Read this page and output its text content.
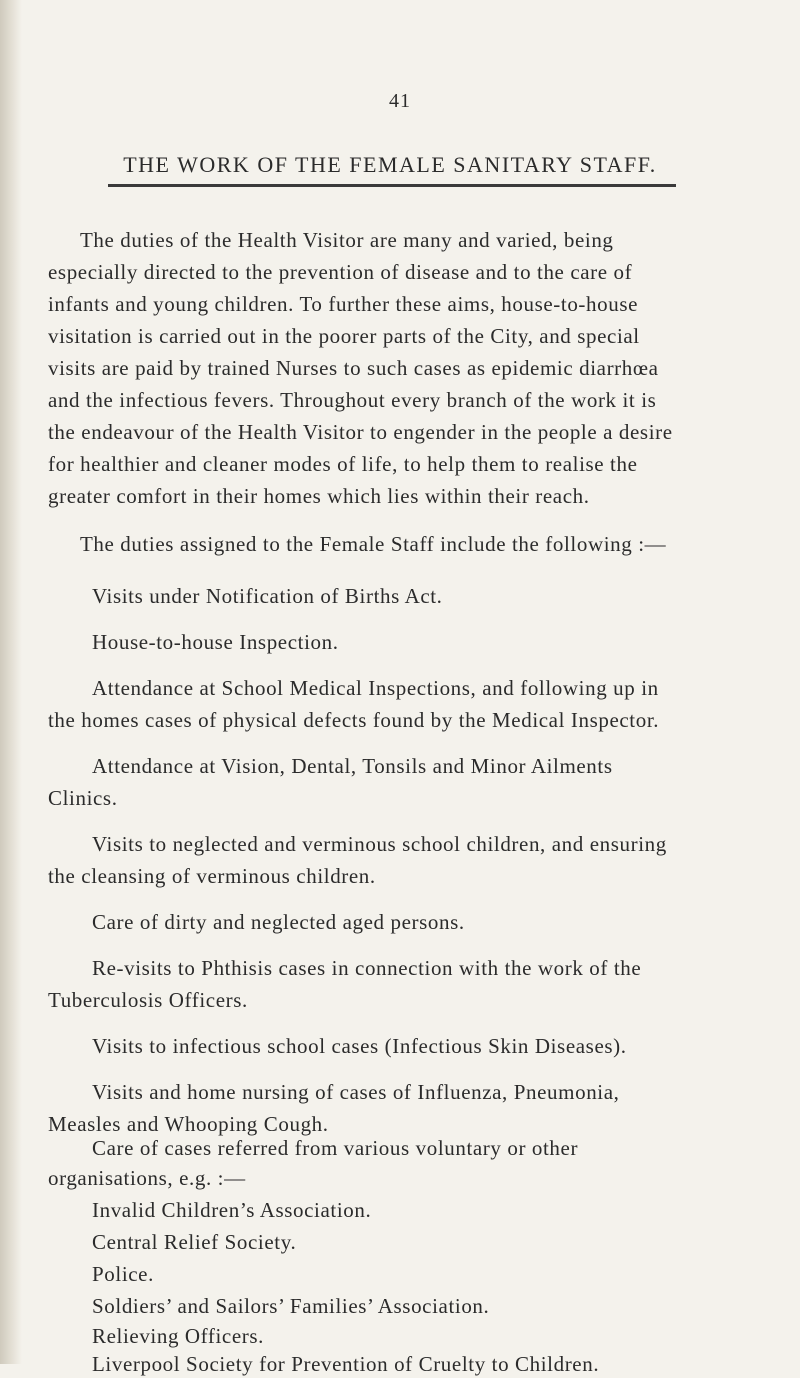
41
THE WORK OF THE FEMALE SANITARY STAFF.
The duties of the Health Visitor are many and varied, being
especially directed to the prevention of disease and to the care of
infants and young children. To further these aims, house-to-house
visitation is carried out in the poorer parts of the City, and special
visits are paid by trained Nurses to such cases as epidemic diarrhœa
and the infectious fevers. Throughout every branch of the work it is
the endeavour of the Health Visitor to engender in the people a desire
for healthier and cleaner modes of life, to help them to realise the
greater comfort in their homes which lies within their reach.
The duties assigned to the Female Staff include the following :—
Visits under Notification of Births Act.
House-to-house Inspection.
Attendance at School Medical Inspections, and following up in
the homes cases of physical defects found by the Medical Inspector.
Attendance at Vision, Dental, Tonsils and Minor Ailments
Clinics.
Visits to neglected and verminous school children, and ensuring
the cleansing of verminous children.
Care of dirty and neglected aged persons.
Re-visits to Phthisis cases in connection with the work of the
Tuberculosis Officers.
Visits to infectious school cases (Infectious Skin Diseases).
Visits and home nursing of cases of Influenza, Pneumonia,
Measles and Whooping Cough.
Care of cases referred from various voluntary or other
organisations, e.g. :—
Invalid Children’s Association.
Central Relief Society.
Police.
Soldiers’ and Sailors’ Families’ Association.
Relieving Officers.
Liverpool Society for Prevention of Cruelty to Children.
